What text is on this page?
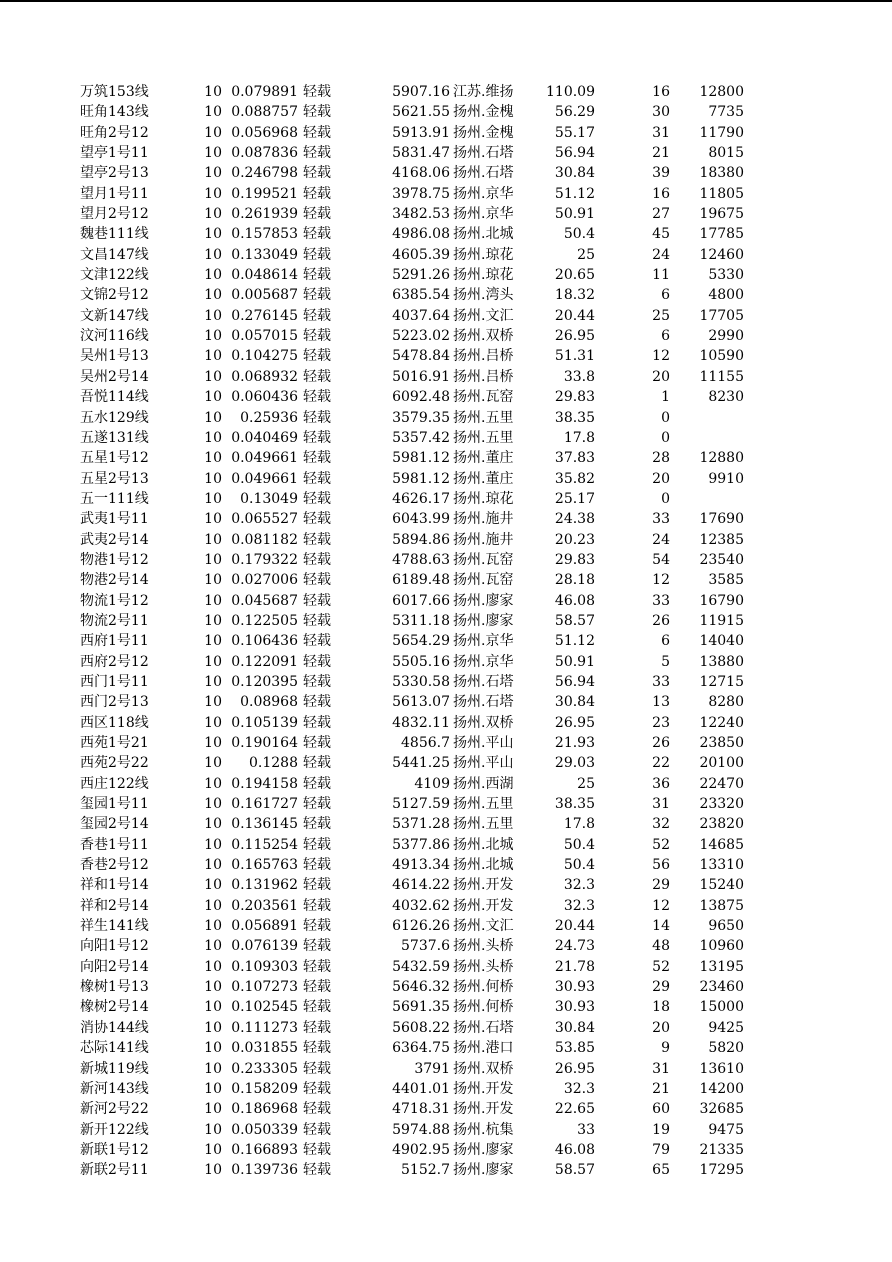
万筑153线	10 0.079891 轻载	5907.16 江苏.维扬	110.09	16	12800
旺角143线	10 0.088757 轻载	5621.55 扬州.金槐	56.29	30	7735
旺角2号12	10 0.056968 轻载	5913.91 扬州.金槐	55.17	31	11790
望亭1号11	10 0.087836 轻载	5831.47 扬州.石塔	56.94	21	8015
望亭2号13	10 0.246798 轻载	4168.06 扬州.石塔	30.84	39	18380
望月1号11	10 0.199521 轻载	3978.75 扬州.京华	51.12	16	11805
望月2号12	10 0.261939 轻载	3482.53 扬州.京华	50.91	27	19675
魏巷111线	10 0.157853 轻载	4986.08 扬州.北城	50.4	45	17785
文昌147线	10 0.133049 轻载	4605.39 扬州.琼花	25	24	12460
文津122线	10 0.048614 轻载	5291.26 扬州.琼花	20.65	11	5330
文锦2号12	10 0.005687 轻载	6385.54 扬州.湾头	18.32	6	4800
文新147线	10 0.276145 轻载	4037.64 扬州.文汇	20.44	25	17705
汶河116线	10 0.057015 轻载	5223.02 扬州.双桥	26.95	6	2990
吴州1号13	10 0.104275 轻载	5478.84 扬州.吕桥	51.31	12	10590
吴州2号14	10 0.068932 轻载	5016.91 扬州.吕桥	33.8	20	11155
吾悦114线	10 0.060436 轻载	6092.48 扬州.瓦窑	29.83	1	8230
五水129线	10	0.25936 轻载	3579.35 扬州.五里	38.35	0
五遂131线	10 0.040469 轻载	5357.42 扬州.五里	17.8	0
五星1号12	10 0.049661 轻载	5981.12 扬州.董庄	37.83	28	12880
五星2号13	10 0.049661 轻载	5981.12 扬州.董庄	35.82	20	9910
五一111线	10	0.13049 轻载	4626.17 扬州.琼花	25.17	0
武夷1号11	10 0.065527 轻载	6043.99 扬州.施井	24.38	33	17690
武夷2号14	10 0.081182 轻载	5894.86 扬州.施井	20.23	24	12385
物港1号12	10 0.179322 轻载	4788.63 扬州.瓦窑	29.83	54	23540
物港2号14	10 0.027006 轻载	6189.48 扬州.瓦窑	28.18	12	3585
物流1号12	10 0.045687 轻载	6017.66 扬州.廖家	46.08	33	16790
物流2号11	10 0.122505 轻载	5311.18 扬州.廖家	58.57	26	11915
西府1号11	10 0.106436 轻载	5654.29 扬州.京华	51.12	6	14040
西府2号12	10 0.122091 轻载	5505.16 扬州.京华	50.91	5	13880
西门1号11	10 0.120395 轻载	5330.58 扬州.石塔	56.94	33	12715
西门2号13	10	0.08968 轻载	5613.07 扬州.石塔	30.84	13	8280
西区118线	10 0.105139 轻载	4832.11 扬州.双桥	26.95	23	12240
西苑1号21	10 0.190164 轻载	4856.7 扬州.平山	21.93	26	23850
西苑2号22	10	0.1288 轻载	5441.25 扬州.平山	29.03	22	20100
西庄122线	10 0.194158 轻载	4109 扬州.西湖	25	36	22470
玺园1号11	10 0.161727 轻载	5127.59 扬州.五里	38.35	31	23320
玺园2号14	10 0.136145 轻载	5371.28 扬州.五里	17.8	32	23820
香巷1号11	10 0.115254 轻载	5377.86 扬州.北城	50.4	52	14685
香巷2号12	10 0.165763 轻载	4913.34 扬州.北城	50.4	56	13310
祥和1号14	10 0.131962 轻载	4614.22 扬州.开发	32.3	29	15240
祥和2号14	10 0.203561 轻载	4032.62 扬州.开发	32.3	12	13875
祥生141线	10 0.056891 轻载	6126.26 扬州.文汇	20.44	14	9650
向阳1号12	10 0.076139 轻载	5737.6 扬州.头桥	24.73	48	10960
向阳2号14	10 0.109303 轻载	5432.59 扬州.头桥	21.78	52	13195
橡树1号13	10 0.107273 轻载	5646.32 扬州.何桥	30.93	29	23460
橡树2号14	10 0.102545 轻载	5691.35 扬州.何桥	30.93	18	15000
消协144线	10 0.111273 轻载	5608.22 扬州.石塔	30.84	20	9425
芯际141线	10 0.031855 轻载	6364.75 扬州.港口	53.85	9	5820
新城119线	10 0.233305 轻载	3791 扬州.双桥	26.95	31	13610
新河143线	10 0.158209 轻载	4401.01 扬州.开发	32.3	21	14200
新河2号22	10 0.186968 轻载	4718.31 扬州.开发	22.65	60	32685
新开122线	10 0.050339 轻载	5974.88 扬州.杭集	33	19	9475
新联1号12	10 0.166893 轻载	4902.95 扬州.廖家	46.08	79	21335
新联2号11	10 0.139736 轻载	5152.7 扬州.廖家	58.57	65	17295
